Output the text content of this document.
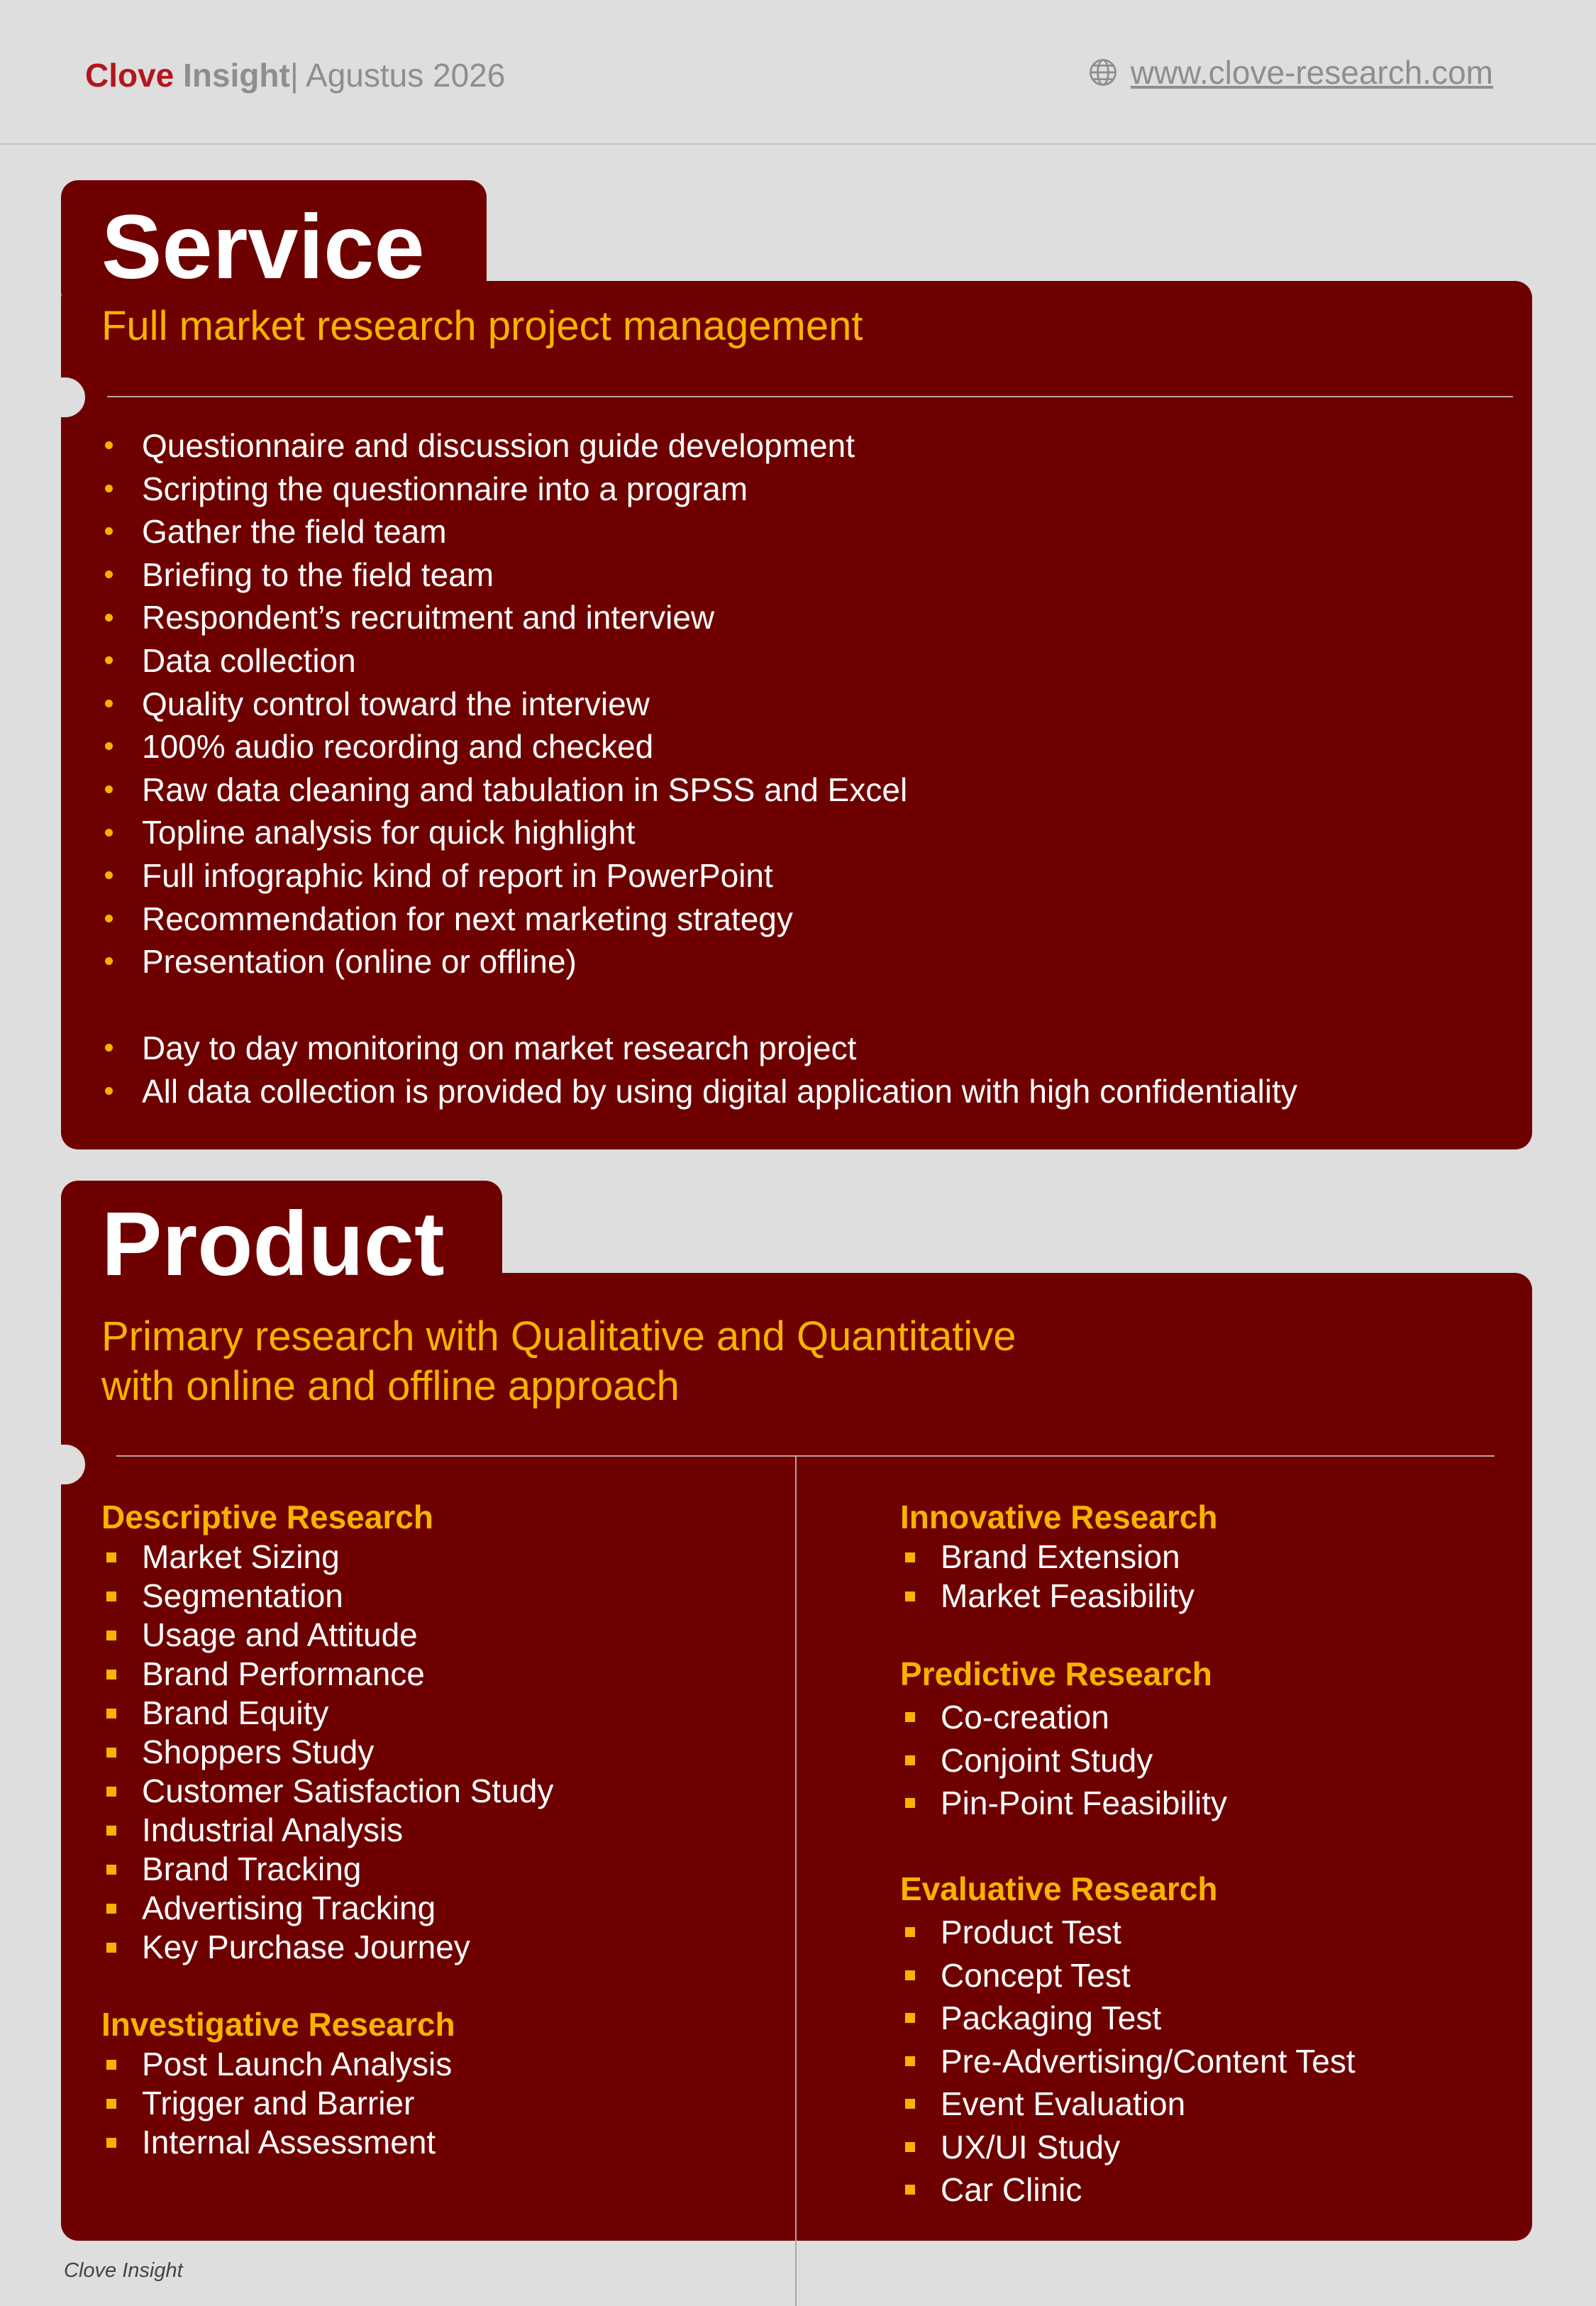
Clove Insight| Agustus 2026	www.clove-research.com
Service
Full market research project management
Questionnaire and discussion guide development
Scripting the questionnaire into a program
Gather the field team
Briefing to the field team
Respondent’s recruitment and interview
Data collection
Quality control toward the interview
100% audio recording and checked
Raw data cleaning and tabulation in SPSS and Excel
Topline analysis for quick highlight
Full infographic kind of report in PowerPoint
Recommendation for next marketing strategy
Presentation (online or offline)
Day to day monitoring on market research project
All data collection is provided by using digital application with high confidentiality
Product
Primary research with Qualitative and Quantitative
with online and offline approach
Descriptive Research
Market Sizing
Segmentation
Usage and Attitude
Brand Performance
Brand Equity
Shoppers Study
Customer Satisfaction Study
Industrial Analysis
Brand Tracking
Advertising Tracking
Key Purchase Journey
Investigative Research
Post Launch Analysis
Trigger and Barrier
Internal Assessment
Innovative Research
Brand Extension
Market Feasibility
Predictive Research
Co-creation
Conjoint Study
Pin-Point Feasibility
Evaluative Research
Product Test
Concept Test
Packaging Test
Pre-Advertising/Content Test
Event Evaluation
UX/UI Study
Car Clinic
Clove Insight
